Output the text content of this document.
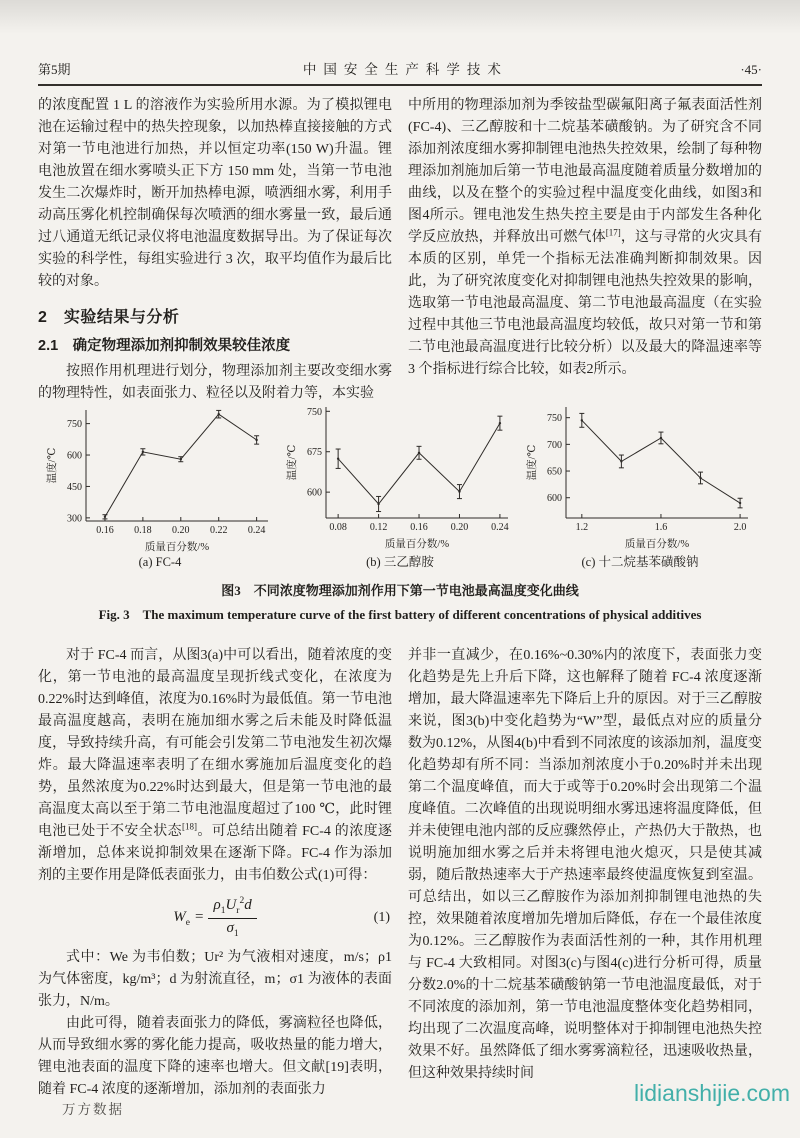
第5期	中国安全生产科学技术	·45·

的浓度配置 1 L 的溶液作为实验所用水源。为了模拟锂电池在运输过程中的热失控现象，以加热棒直接接触的方式对第一节电池进行加热，并以恒定功率(150 W)升温。锂电池放置在细水雾喷头正下方 150 mm 处，当第一节电池发生二次爆炸时，断开加热棒电源，喷洒细水雾，利用手动高压雾化机控制确保每次喷洒的细水雾量一致，最后通过八通道无纸记录仪将电池温度数据导出。为了保证每次实验的科学性，每组实验进行 3 次，取平均值作为最后比较的对象。

2　实验结果与分析
2.1　确定物理添加剂抑制效果较佳浓度

按照作用机理进行划分，物理添加剂主要改变细水雾的物理特性，如表面张力、粒径以及附着力等，本实验

中所用的物理添加剂为季铵盐型碳氟阳离子氟表面活性剂(FC-4)、三乙醇胺和十二烷基苯磺酸钠。为了研究含不同添加剂浓度细水雾抑制锂电池热失控效果，绘制了每种物理添加剂施加后第一节电池最高温度随着质量分数增加的曲线，以及在整个的实验过程中温度变化曲线，如图3和图4所示。锂电池发生热失控主要是由于内部发生各种化学反应放热，并释放出可燃气体[17]，这与寻常的火灾具有本质的区别，单凭一个指标无法准确判断抑制效果。因此，为了研究浓度变化对抑制锂电池热失控效果的影响，选取第一节电池最高温度、第二节电池最高温度（在实验过程中其他三节电池最高温度均较低，故只对第一节和第二节电池最高温度进行比较分析）以及最大的降温速率等 3 个指标进行综合比较，如表2所示。

300
450
600
750
0.16 0.18 0.20 0.22 0.24
质量百分数/%
温度/℃
(a) FC-4
600
675
750
0.08 0.12 0.16 0.20 0.24
质量百分数/%
温度/℃
(b) 三乙醇胺
600
650
700
750
1.2	1.6	2.0
质量百分数/%
温度/℃
(c) 十二烷基苯磺酸钠
图3　不同浓度物理添加剂作用下第一节电池最高温度变化曲线
Fig. 3　The maximum temperature curve of the first battery of different concentrations of physical additives

对于 FC-4 而言，从图3(a)中可以看出，随着浓度的变化，第一节电池的最高温度呈现折线式变化，在浓度为0.22%时达到峰值，浓度为0.16%时为最低值。第一节电池最高温度越高，表明在施加细水雾之后未能及时降低温度，导致持续升高，有可能会引发第二节电池发生初次爆炸。最大降温速率表明了在细水雾施加后温度变化的趋势，虽然浓度为0.22%时达到最大，但是第一节电池的最高温度太高以至于第二节电池温度超过了100 ℃，此时锂电池已处于不安全状态[18]。可总结出随着 FC-4 的浓度逐渐增加，总体来说抑制效果在逐渐下降。FC-4 作为添加剂的主要作用是降低表面张力，由韦伯数公式(1)可得：

$W_e = \frac{\rho_1U_r^2d}{\sigma_1}$	(1)

式中：We 为韦伯数；Ur² 为气液相对速度，m/s；ρ1 为气体密度，kg/m³；d 为射流直径，m；σ1 为液体的表面张力，N/m。

由此可得，随着表面张力的降低，雾滴粒径也降低，从而导致细水雾的雾化能力提高，吸收热量的能力增大，锂电池表面的温度下降的速率也增大。但文献[19]表明，随着 FC-4 浓度的逐渐增加，添加剂的表面张力

并非一直减少，在0.16%~0.30%内的浓度下，表面张力变化趋势是先上升后下降，这也解释了随着 FC-4 浓度逐渐增加，最大降温速率先下降后上升的原因。对于三乙醇胺来说，图3(b)中变化趋势为“W”型，最低点对应的质量分数为0.12%，从图4(b)中看到不同浓度的该添加剂，温度变化趋势却有所不同：当添加剂浓度小于0.20%时并未出现第二个温度峰值，而大于或等于0.20%时会出现第二个温度峰值。二次峰值的出现说明细水雾迅速将温度降低，但并未使锂电池内部的反应骤然停止，产热仍大于散热，也说明施加细水雾之后并未将锂电池火熄灭，只是使其减弱，随后散热速率大于产热速率最终使温度恢复到室温。可总结出，如以三乙醇胺作为添加剂抑制锂电池热的失控，效果随着浓度增加先增加后降低，存在一个最佳浓度为0.12%。三乙醇胺作为表面活性剂的一种，其作用机理与 FC-4 大致相同。对图3(c)与图4(c)进行分析可得，质量分数2.0%的十二烷基苯磺酸钠第一节电池温度最低，对于不同浓度的添加剂，第一节电池温度整体变化趋势相同，均出现了二次温度高峰，说明整体对于抑制锂电池热失控效果不好。虽然降低了细水雾雾滴粒径，迅速吸收热量，但这种效果持续时间

万方数据
lidianshijie.com
